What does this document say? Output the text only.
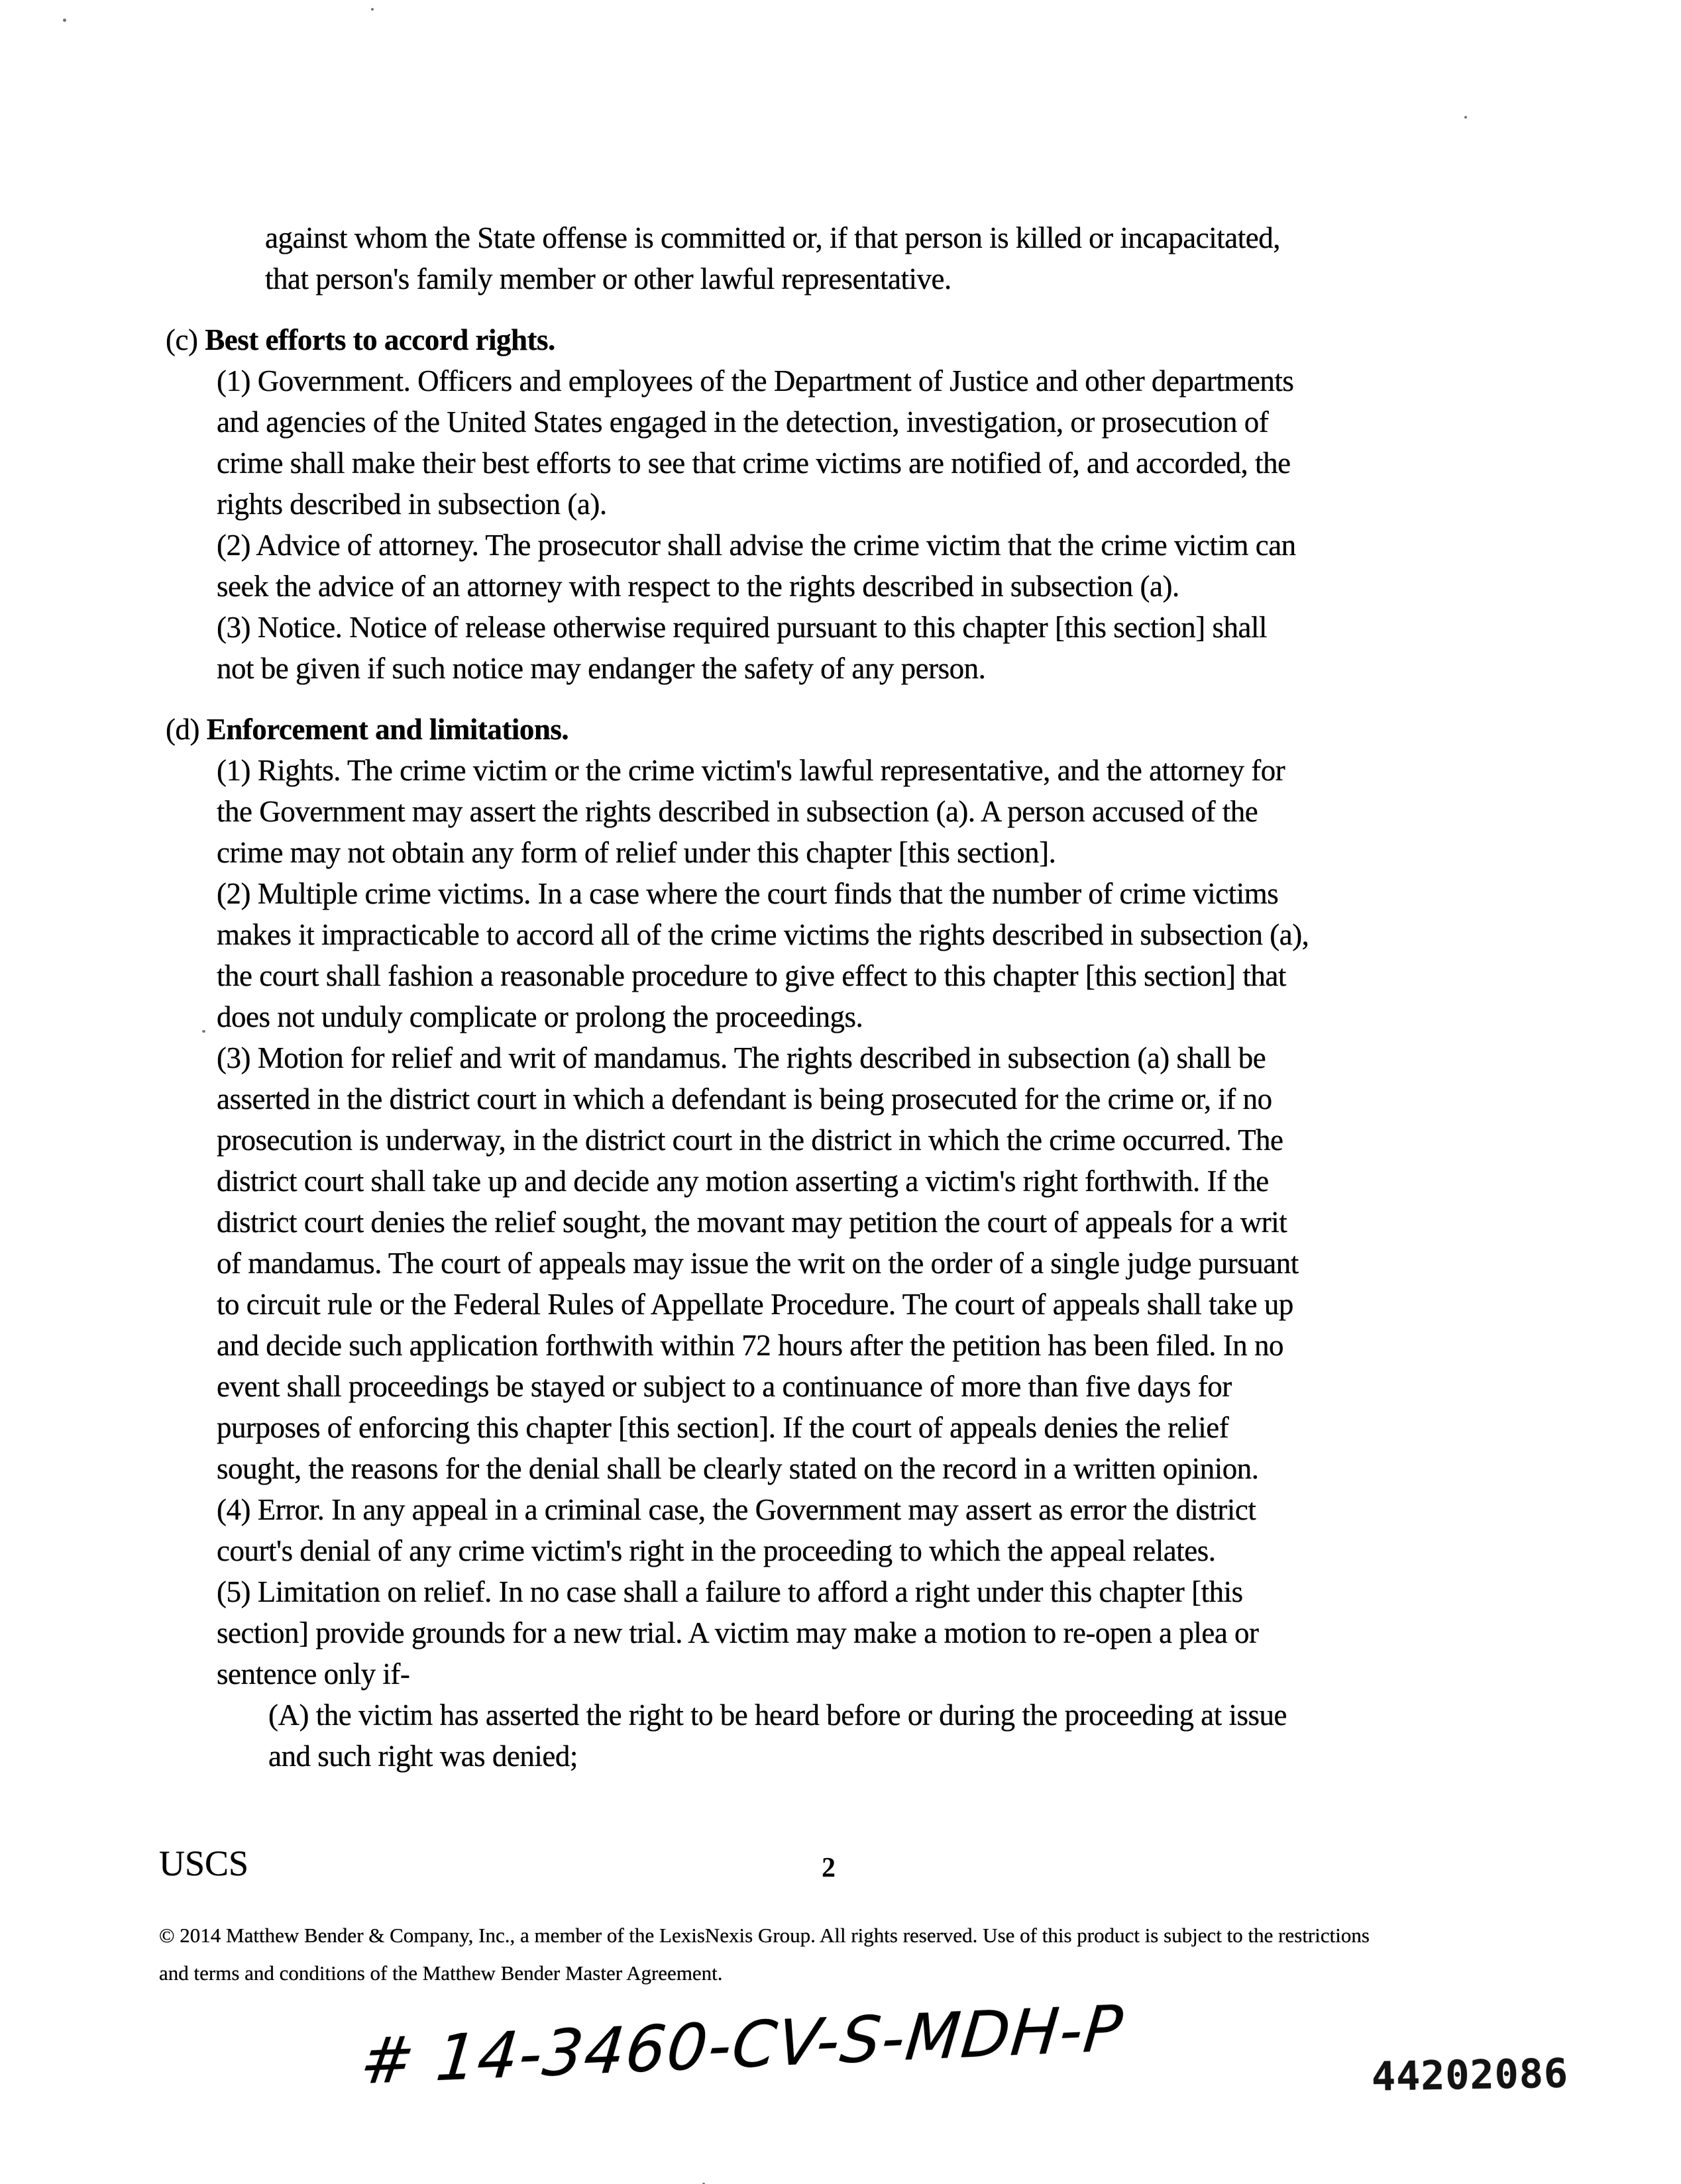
against whom the State offense is committed or, if that person is killed or incapacitated,
that person's family member or other lawful representative.
(c) Best efforts to accord rights.
(1) Government. Officers and employees of the Department of Justice and other departments
and agencies of the United States engaged in the detection, investigation, or prosecution of
crime shall make their best efforts to see that crime victims are notified of, and accorded, the
rights described in subsection (a).
(2) Advice of attorney. The prosecutor shall advise the crime victim that the crime victim can
seek the advice of an attorney with respect to the rights described in subsection (a).
(3) Notice. Notice of release otherwise required pursuant to this chapter [this section] shall
not be given if such notice may endanger the safety of any person.
(d) Enforcement and limitations.
(1) Rights. The crime victim or the crime victim's lawful representative, and the attorney for
the Government may assert the rights described in subsection (a). A person accused of the
crime may not obtain any form of relief under this chapter [this section].
(2) Multiple crime victims. In a case where the court finds that the number of crime victims
makes it impracticable to accord all of the crime victims the rights described in subsection (a),
the court shall fashion a reasonable procedure to give effect to this chapter [this section] that
does not unduly complicate or prolong the proceedings.
(3) Motion for relief and writ of mandamus. The rights described in subsection (a) shall be
asserted in the district court in which a defendant is being prosecuted for the crime or, if no
prosecution is underway, in the district court in the district in which the crime occurred. The
district court shall take up and decide any motion asserting a victim's right forthwith. If the
district court denies the relief sought, the movant may petition the court of appeals for a writ
of mandamus. The court of appeals may issue the writ on the order of a single judge pursuant
to circuit rule or the Federal Rules of Appellate Procedure. The court of appeals shall take up
and decide such application forthwith within 72 hours after the petition has been filed. In no
event shall proceedings be stayed or subject to a continuance of more than five days for
purposes of enforcing this chapter [this section]. If the court of appeals denies the relief
sought, the reasons for the denial shall be clearly stated on the record in a written opinion.
(4) Error. In any appeal in a criminal case, the Government may assert as error the district
court's denial of any crime victim's right in the proceeding to which the appeal relates.
(5) Limitation on relief. In no case shall a failure to afford a right under this chapter [this
section] provide grounds for a new trial. A victim may make a motion to re-open a plea or
sentence only if-
(A) the victim has asserted the right to be heard before or during the proceeding at issue
and such right was denied;
USCS	2
© 2014 Matthew Bender & Company, Inc., a member of the LexisNexis Group. All rights reserved. Use of this product is subject to the restrictions
and terms and conditions of the Matthew Bender Master Agreement.
# 14-3460-CV-S-MDH-P	44202086
